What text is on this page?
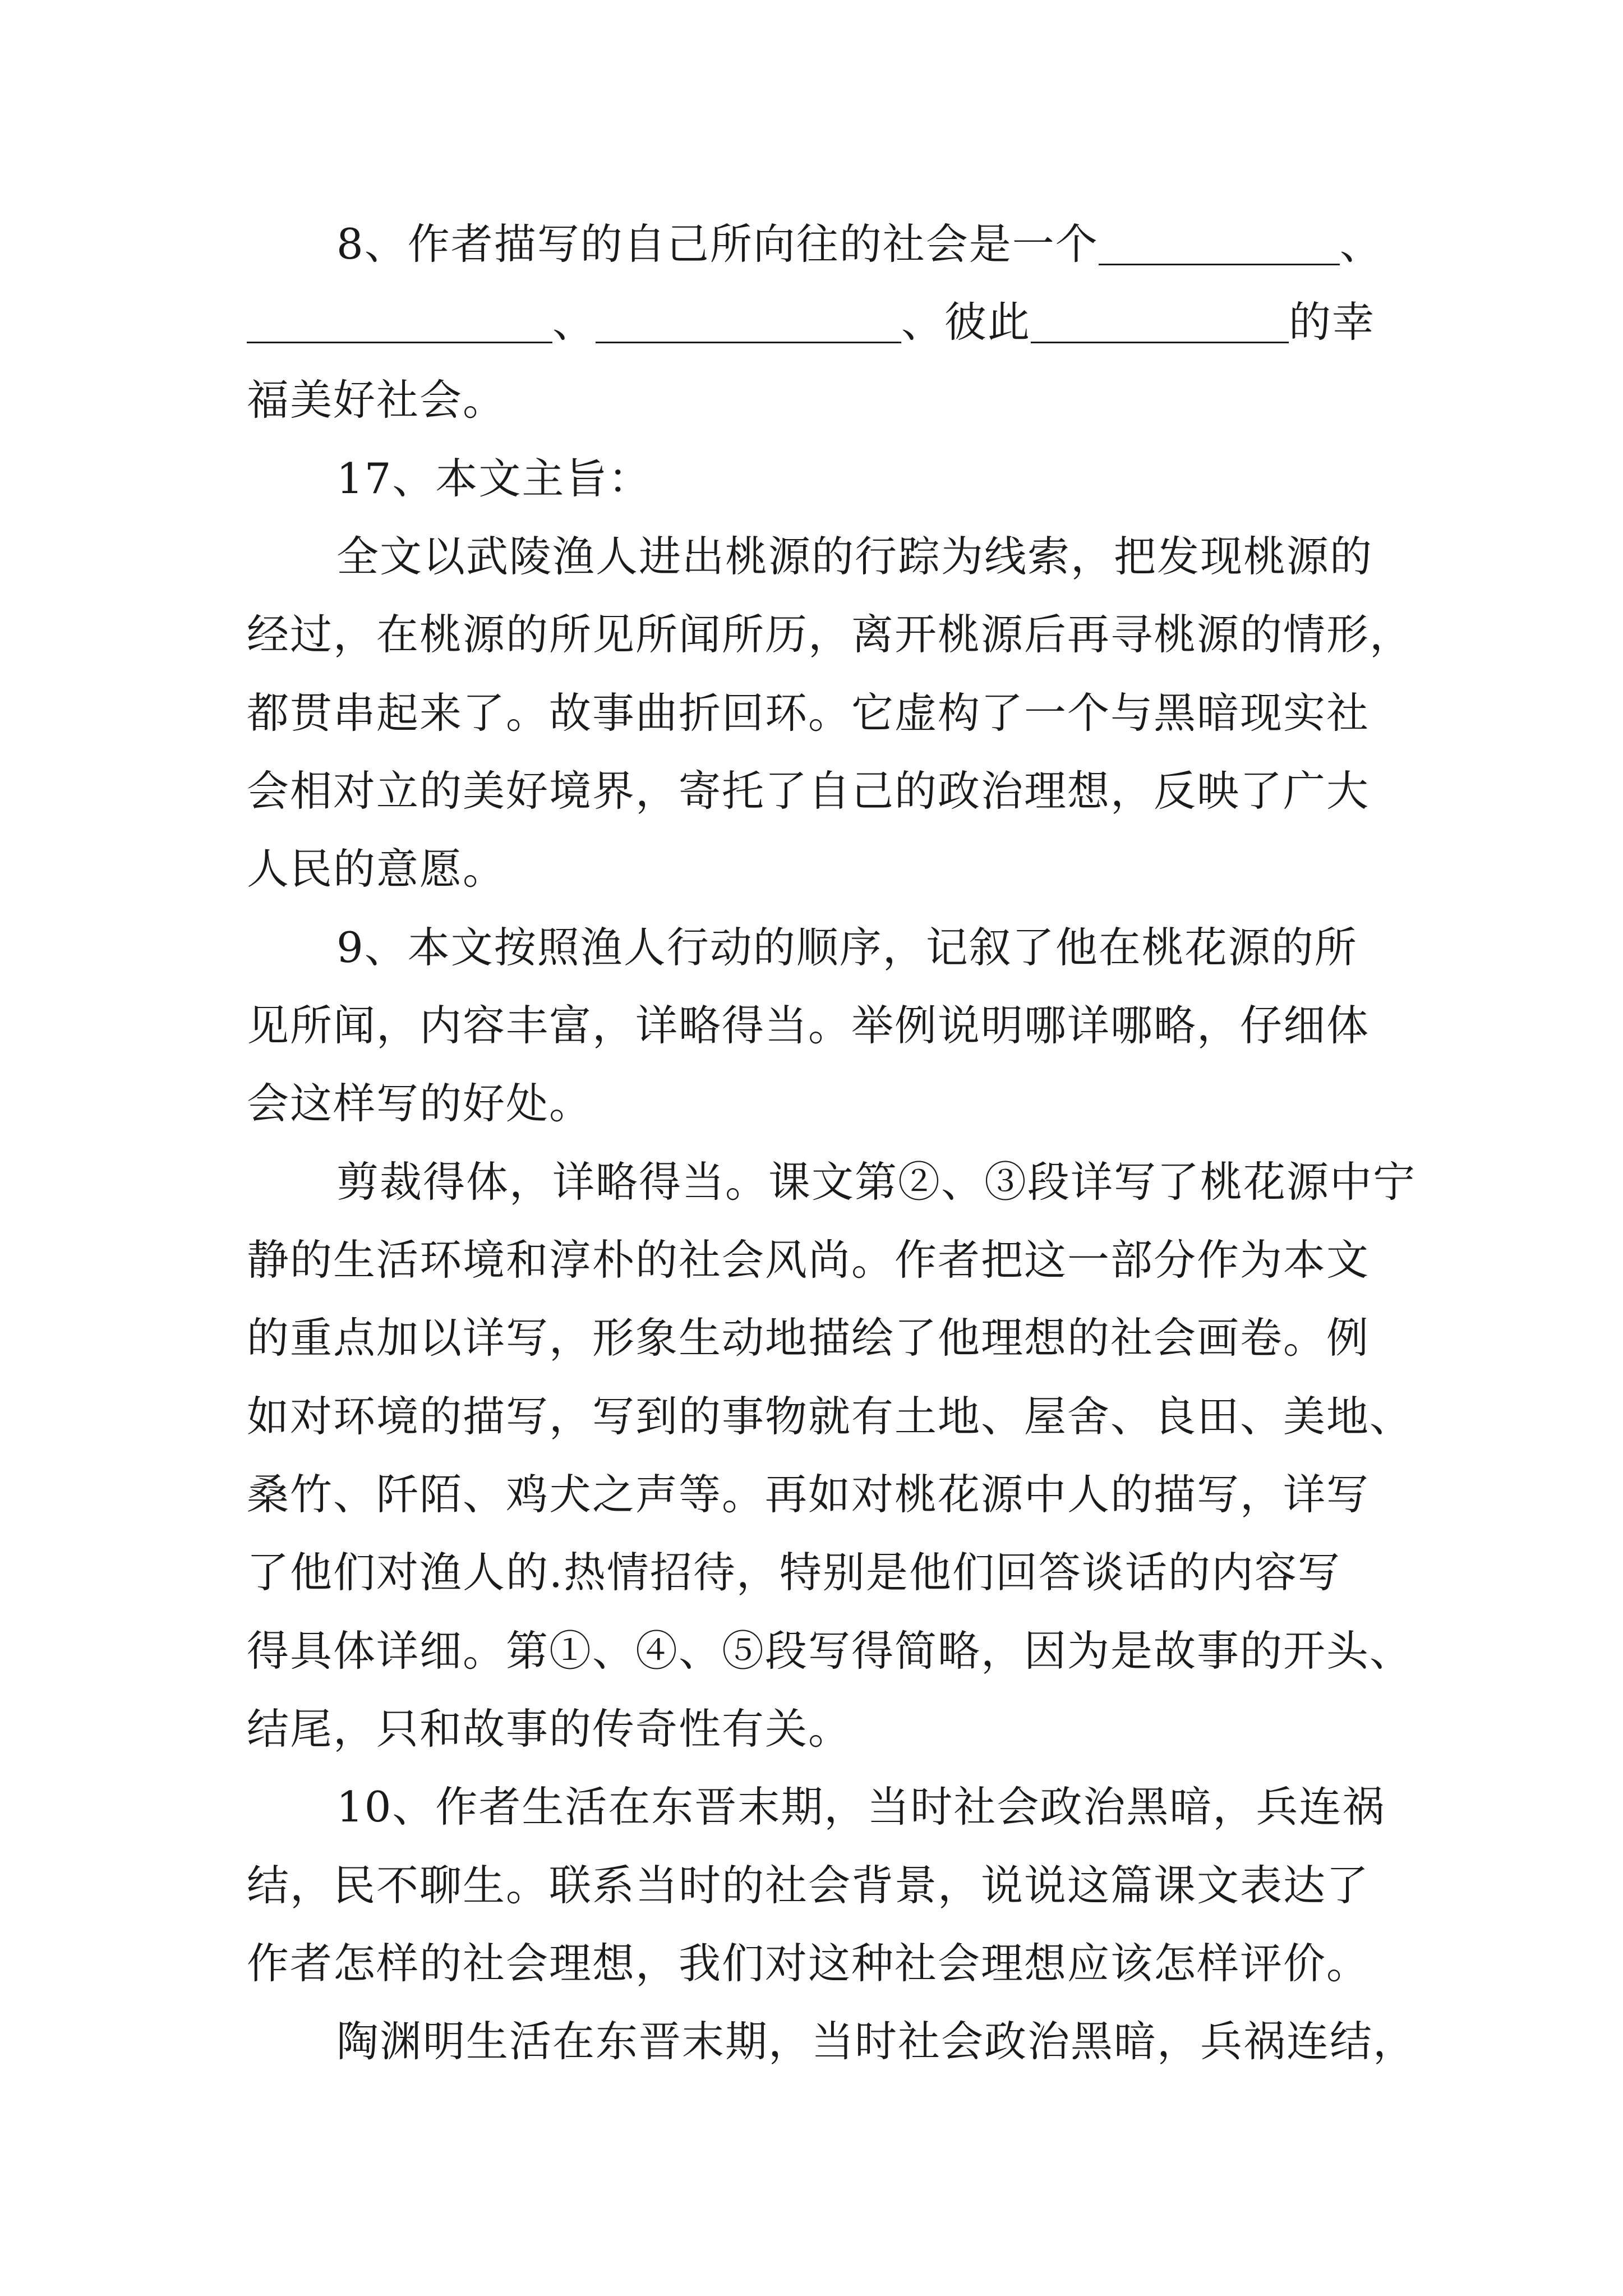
8、作者描写的自己所向往的社会是一个	、
、	、彼此	的幸
福美好社会。
17、本文主旨：
全文以武陵渔人进出桃源的行踪为线索，把发现桃源的
经过，在桃源的所见所闻所历，离开桃源后再寻桃源的情形，
都贯串起来了。故事曲折回环。它虚构了一个与黑暗现实社
会相对立的美好境界，寄托了自己的政治理想，反映了广大
人民的意愿。
9、本文按照渔人行动的顺序，记叙了他在桃花源的所
见所闻，内容丰富，详略得当。举例说明哪详哪略，仔细体
会这样写的好处。
剪裁得体，详略得当。课文第②、③段详写了桃花源中宁
静的生活环境和淳朴的社会风尚。作者把这一部分作为本文
的重点加以详写，形象生动地描绘了他理想的社会画卷。例
如对环境的描写，写到的事物就有土地、屋舍、良田、美地、
桑竹、阡陌、鸡犬之声等。再如对桃花源中人的描写，详写
了他们对渔人的.热情招待，特别是他们回答谈话的内容写
得具体详细。第①、④、⑤段写得简略，因为是故事的开头、
结尾，只和故事的传奇性有关。
10、作者生活在东晋末期，当时社会政治黑暗，兵连祸
结，民不聊生。联系当时的社会背景，说说这篇课文表达了
作者怎样的社会理想，我们对这种社会理想应该怎样评价。
陶渊明生活在东晋末期，当时社会政治黑暗，兵祸连结，
